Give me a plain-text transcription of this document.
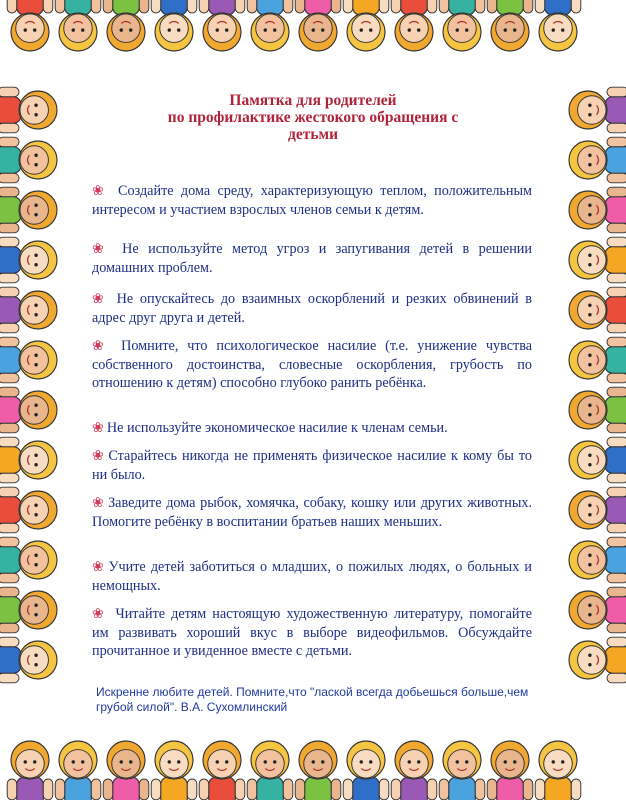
Памятка для родителей
по профилактике жестокого обращения с
детьми
❀ Создайте дома среду, характеризующую теплом, положительным интересом и участием взрослых членов семьи к детям.
❀ Не используйте метод угроз и запугивания детей в решении домашних проблем.
❀ Не опускайтесь до взаимных оскорблений и резких обвинений в адрес друг друга и детей.
❀ Помните, что психологическое насилие (т.е. унижение чувства собственного достоинства, словесные оскорбления, грубость по отношению к детям) способно глубоко ранить ребёнка.
❀ Не используйте экономическое насилие к членам семьи.
❀ Старайтесь никогда не применять физическое насилие к кому бы то ни было.
❀ Заведите дома рыбок, хомячка, собаку, кошку или других животных. Помогите ребёнку в воспитании братьев наших меньших.
❀ Учите детей заботиться о младших, о пожилых людях, о больных и немощных.
❀ Читайте детям настоящую художественную литературу, помогайте им развивать хороший вкус в выборе видеофильмов. Обсуждайте прочитанное и увиденное вместе с детьми.
Искренне любите детей. Помните,что "лаской всегда добьешься больше,чем
грубой силой". В.А. Сухомлинский
